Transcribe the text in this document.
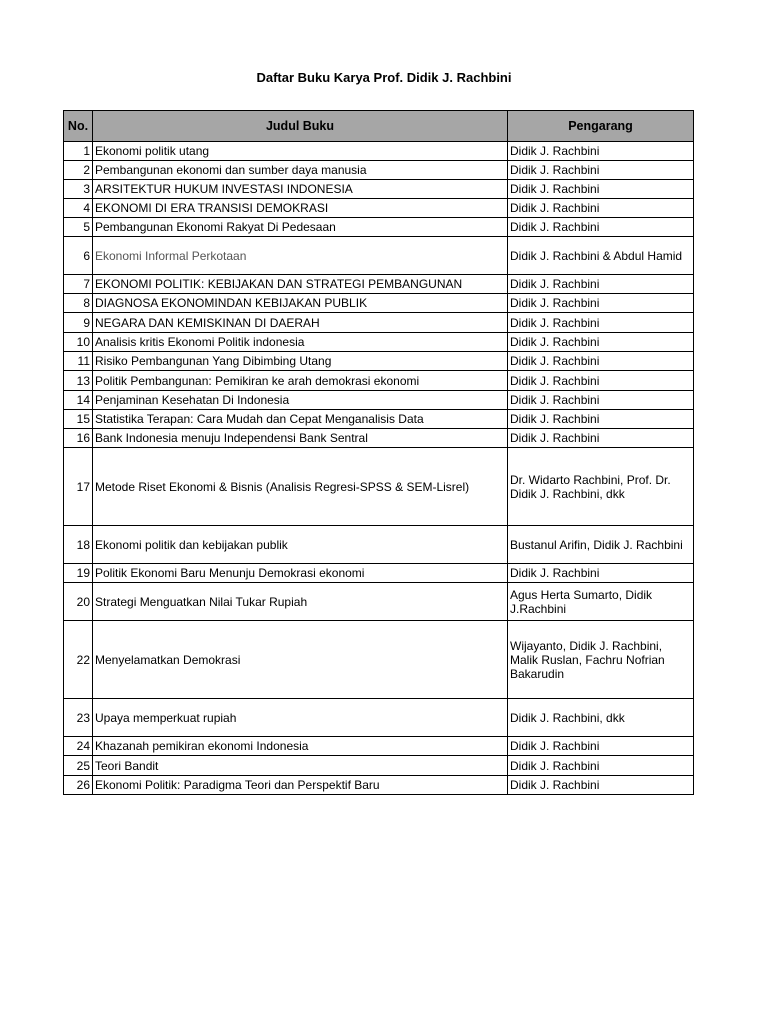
Daftar Buku Karya Prof. Didik J. Rachbini
No.	Judul Buku	Pengarang
1	Ekonomi politik utang	Didik J. Rachbini
2	Pembangunan ekonomi dan sumber daya manusia	Didik J. Rachbini
3	ARSITEKTUR HUKUM INVESTASI INDONESIA	Didik J. Rachbini
4	EKONOMI DI ERA TRANSISI DEMOKRASI	Didik J. Rachbini
5	Pembangunan Ekonomi Rakyat Di Pedesaan	Didik J. Rachbini
6	Ekonomi Informal Perkotaan	Didik J. Rachbini & Abdul Hamid
7	EKONOMI POLITIK: KEBIJAKAN DAN STRATEGI PEMBANGUNAN	Didik J. Rachbini
8	DIAGNOSA EKONOMINDAN KEBIJAKAN PUBLIK	Didik J. Rachbini
9	NEGARA DAN KEMISKINAN DI DAERAH	Didik J. Rachbini
10	Analisis kritis Ekonomi Politik indonesia	Didik J. Rachbini
11	Risiko Pembangunan Yang Dibimbing Utang	Didik J. Rachbini
13	Politik Pembangunan: Pemikiran ke arah demokrasi ekonomi	Didik J. Rachbini
14	Penjaminan Kesehatan Di Indonesia	Didik J. Rachbini
15	Statistika Terapan: Cara Mudah dan Cepat Menganalisis Data	Didik J. Rachbini
16	Bank Indonesia menuju Independensi Bank Sentral	Didik J. Rachbini
17	Metode Riset Ekonomi & Bisnis (Analisis Regresi-SPSS & SEM-Lisrel)	Dr. Widarto Rachbini, Prof. Dr. Didik J. Rachbini, dkk
18	Ekonomi politik dan kebijakan publik	Bustanul Arifin, Didik J. Rachbini
19	Politik Ekonomi Baru Menunju Demokrasi ekonomi	Didik J. Rachbini
20	Strategi Menguatkan Nilai Tukar Rupiah	Agus Herta Sumarto, Didik J.Rachbini
22	Menyelamatkan Demokrasi	Wijayanto, Didik J. Rachbini, Malik Ruslan, Fachru Nofrian Bakarudin
23	Upaya memperkuat rupiah	Didik J. Rachbini, dkk
24	Khazanah pemikiran ekonomi Indonesia	Didik J. Rachbini
25	Teori Bandit	Didik J. Rachbini
26	Ekonomi Politik: Paradigma Teori dan Perspektif Baru	Didik J. Rachbini
